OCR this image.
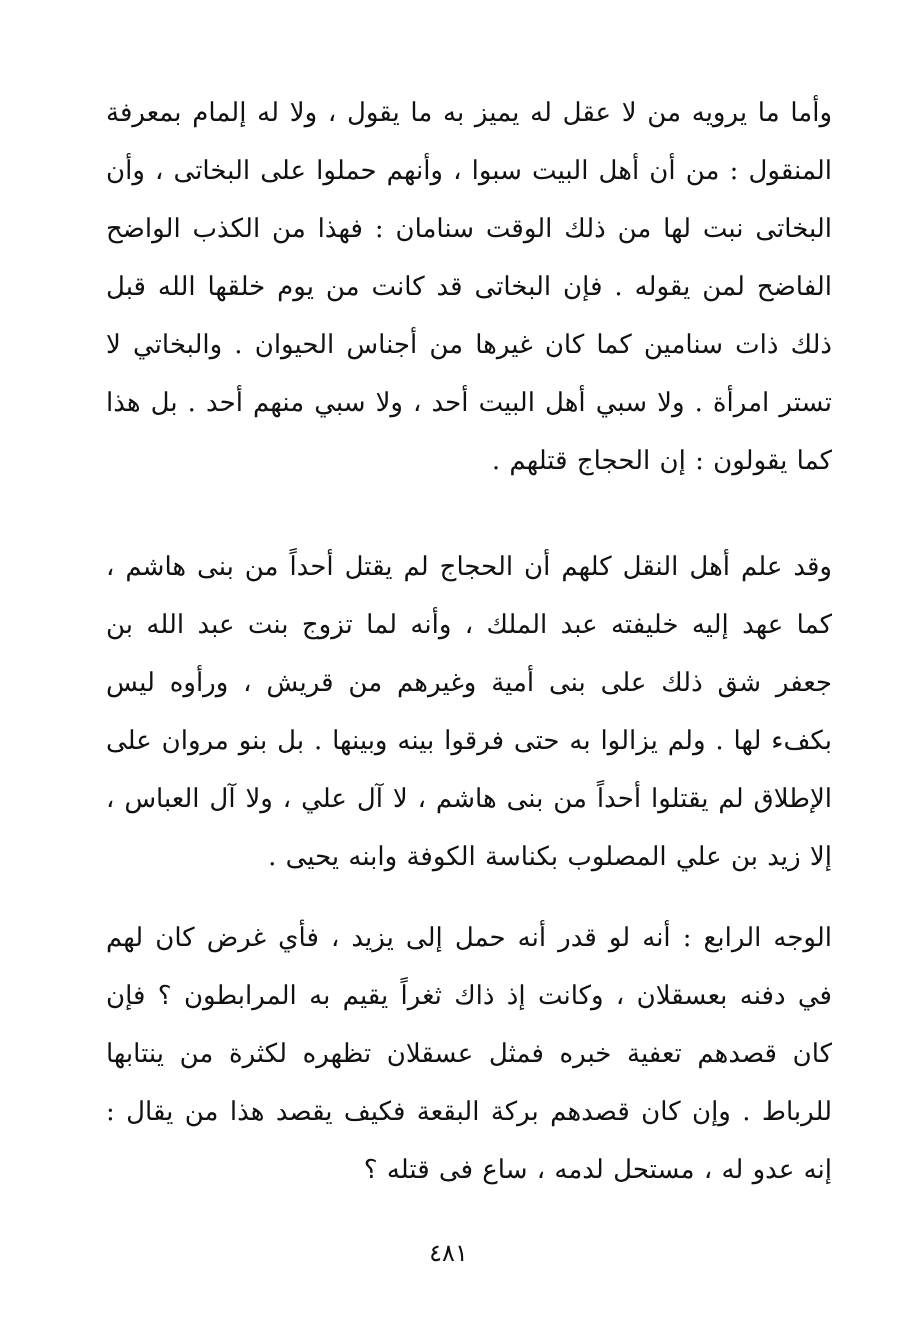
وأما ما يرويه من لا عقل له يميز به ما يقول ، ولا له إلمام بمعرفة المنقول : من أن أهل البيت سبوا ، وأنهم حملوا على البخاتى ، وأن البخاتى نبت لها من ذلك الوقت سنامان : فهذا من الكذب الواضح الفاضح لمن يقوله . فإن البخاتى قد كانت من يوم خلقها الله قبل ذلك ذات سنامين كما كان غيرها من أجناس الحيوان . والبخاتي لا تستر امرأة . ولا سبي أهل البيت أحد ، ولا سبي منهم أحد . بل هذا كما يقولون : إن الحجاج قتلهم .

وقد علم أهل النقل كلهم أن الحجاج لم يقتل أحداً من بنى هاشم ، كما عهد إليه خليفته عبد الملك ، وأنه لما تزوج بنت عبد الله بن جعفر شق ذلك على بنى أمية وغيرهم من قريش ، ورأوه ليس بكفء لها . ولم يزالوا به حتى فرقوا بينه وبينها . بل بنو مروان على الإطلاق لم يقتلوا أحداً من بنى هاشم ، لا آل علي ، ولا آل العباس ، إلا زيد بن علي المصلوب بكناسة الكوفة وابنه يحيى .

الوجه الرابع : أنه لو قدر أنه حمل إلى يزيد ، فأي غرض كان لهم في دفنه بعسقلان ، وكانت إذ ذاك ثغراً يقيم به المرابطون ؟ فإن كان قصدهم تعفية خبره فمثل عسقلان تظهره لكثرة من ينتابها للرباط . وإن كان قصدهم بركة البقعة فكيف يقصد هذا من يقال : إنه عدو له ، مستحل لدمه ، ساع فى قتله ؟

٤٨١
